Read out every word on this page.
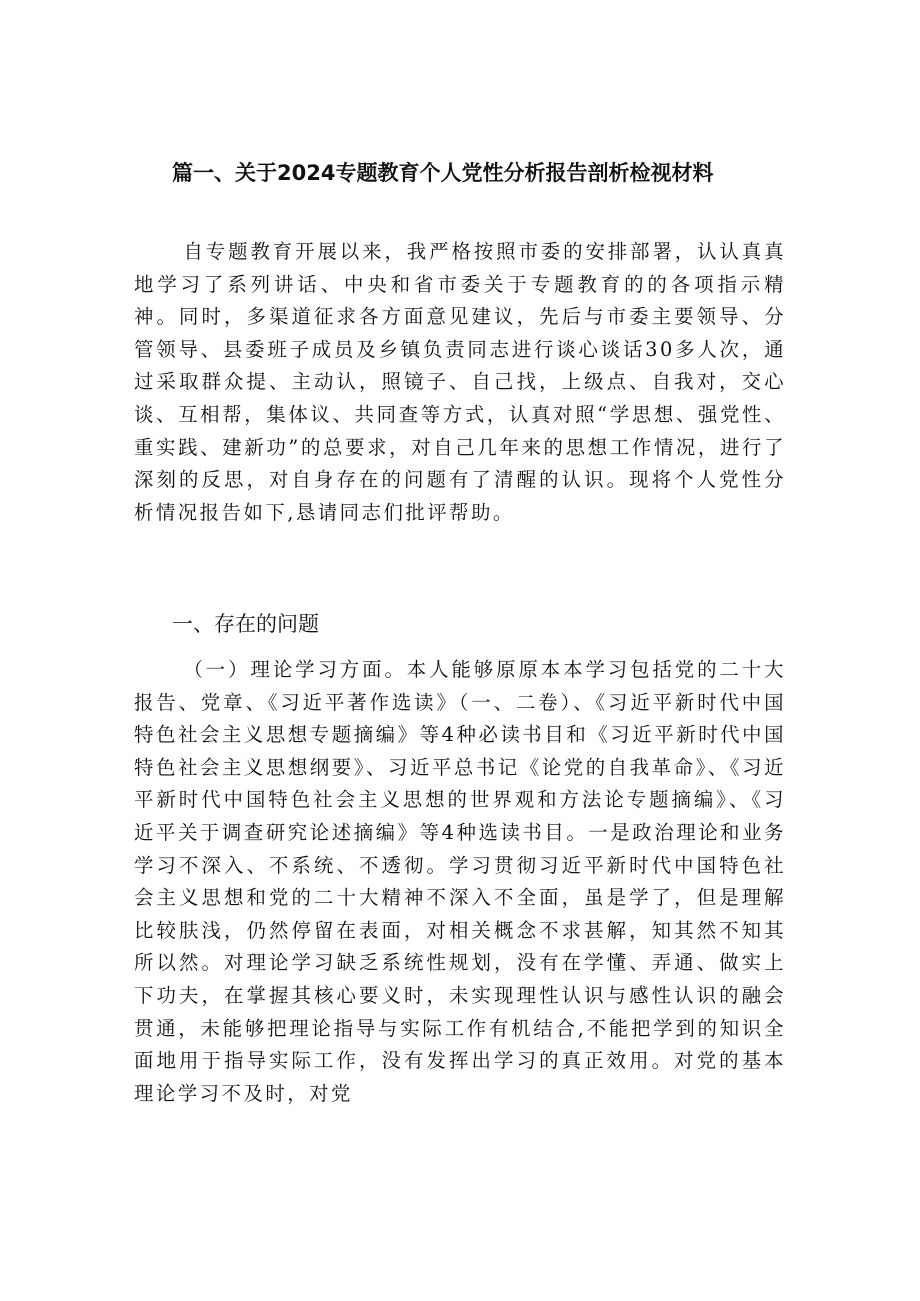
篇一、关于2024专题教育个人党性分析报告剖析检视材料

自专题教育开展以来，我严格按照市委的安排部署，认认真真地学习了系列讲话、中央和省市委关于专题教育的的各项指示精神。同时，多渠道征求各方面意见建议，先后与市委主要领导、分管领导、县委班子成员及乡镇负责同志进行谈心谈话30多人次，通过采取群众提、主动认，照镜子、自己找，上级点、自我对，交心谈、互相帮，集体议、共同查等方式，认真对照“学思想、强党性、重实践、建新功”的总要求，对自己几年来的思想工作情况，进行了深刻的反思，对自身存在的问题有了清醒的认识。现将个人党性分析情况报告如下,恳请同志们批评帮助。

一、存在的问题

（一）理论学习方面。本人能够原原本本学习包括党的二十大报告、党章、《习近平著作选读》（一、二卷）、《习近平新时代中国特色社会主义思想专题摘编》等4种必读书目和《习近平新时代中国特色社会主义思想纲要》、习近平总书记《论党的自我革命》、《习近平新时代中国特色社会主义思想的世界观和方法论专题摘编》、《习近平关于调查研究论述摘编》等4种选读书目。一是政治理论和业务学习不深入、不系统、不透彻。学习贯彻习近平新时代中国特色社会主义思想和党的二十大精神不深入不全面，虽是学了，但是理解比较肤浅，仍然停留在表面，对相关概念不求甚解，知其然不知其所以然。对理论学习缺乏系统性规划，没有在学懂、弄通、做实上下功夫，在掌握其核心要义时，未实现理性认识与感性认识的融会贯通，未能够把理论指导与实际工作有机结合,不能把学到的知识全面地用于指导实际工作，没有发挥出学习的真正效用。对党的基本理论学习不及时，对党
